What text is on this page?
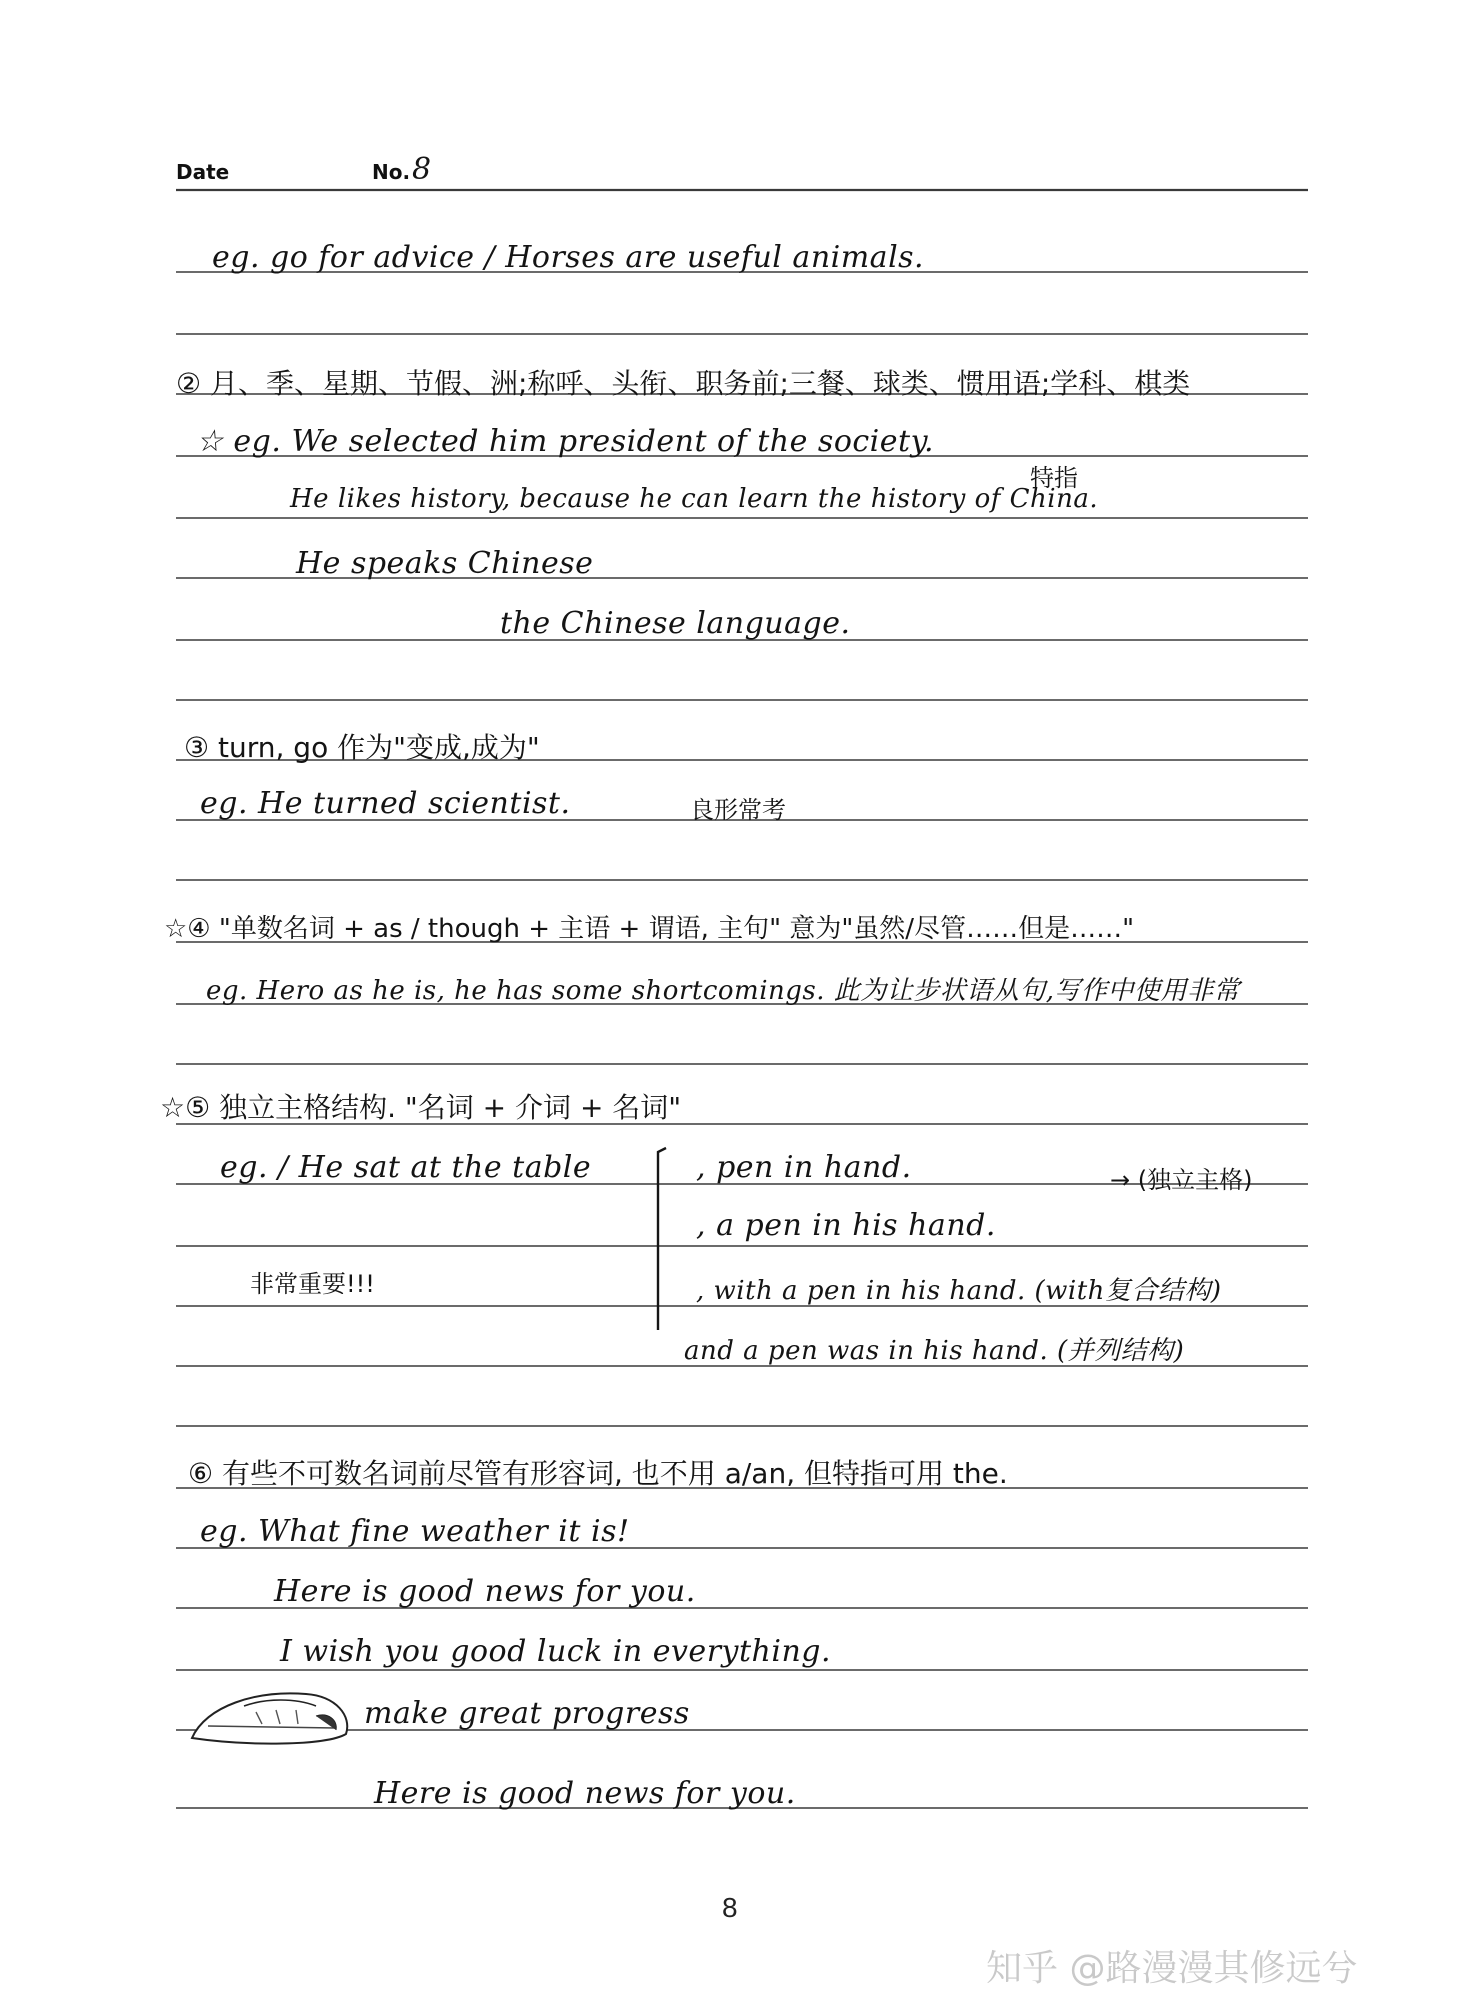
Date	No. 8
eg. go for advice / Horses are useful animals.
② 月、季、星期、节假、洲;称呼、头衔、职务前;三餐、球类、惯用语;学科、棋类
☆ eg. We selected him president of the society.
特指
He likes history, because he can learn the history of China.
He speaks Chinese
the Chinese language.
③ turn, go 作为"变成,成为"
eg. He turned scientist.	良形常考
☆④ "单数名词 + as / though + 主语 + 谓语, 主句" 意为"虽然/尽管……但是……"
eg. Hero as he is, he has some shortcomings. 此为让步状语从句,写作中使用非常
☆⑤ 独立主格结构. "名词 + 介词 + 名词"
eg. / He sat at the table	, pen in hand.	→ (独立主格)
, a pen in his hand.
非常重要!!!	, with a pen in his hand. (with复合结构)
and a pen was in his hand. (并列结构)
⑥ 有些不可数名词前尽管有形容词, 也不用 a/an, 但特指可用 the.
eg. What fine weather it is!
Here is good news for you.
I wish you good luck in everything.
make great progress
Here is good news for you.
8
知乎 @路漫漫其修远兮
